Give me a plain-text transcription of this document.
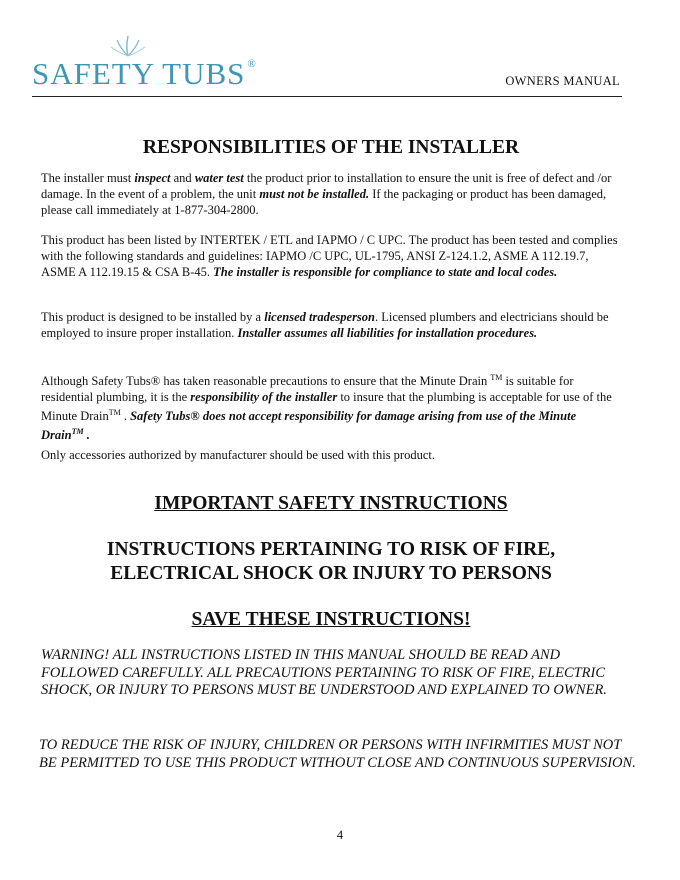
SAFETY TUBS ®
OWNERS MANUAL
RESPONSIBILITIES OF THE INSTALLER
The installer must inspect and water test the product prior to installation to ensure the unit is free of defect and /or damage. In the event of a problem, the unit must not be installed. If the packaging or product has been damaged, please call immediately at 1-877-304-2800.
This product has been listed by INTERTEK / ETL and IAPMO / C UPC. The product has been tested and complies with the following standards and guidelines: IAPMO /C UPC, UL-1795, ANSI Z-124.1.2, ASME A 112.19.7, ASME A 112.19.15 & CSA B-45. The installer is responsible for compliance to state and local codes.
This product is designed to be installed by a licensed tradesperson. Licensed plumbers and electricians should be employed to insure proper installation. Installer assumes all liabilities for installation procedures.
Although Safety Tubs® has taken reasonable precautions to ensure that the Minute Drain ™ is suitable for residential plumbing, it is the responsibility of the installer to insure that the plumbing is acceptable for use of the Minute Drain™ . Safety Tubs® does not accept responsibility for damage arising from use of the Minute Drain™ .
Only accessories authorized by manufacturer should be used with this product.
IMPORTANT SAFETY INSTRUCTIONS
INSTRUCTIONS PERTAINING TO RISK OF FIRE,
ELECTRICAL SHOCK OR INJURY TO PERSONS
SAVE THESE INSTRUCTIONS!
WARNING! ALL INSTRUCTIONS LISTED IN THIS MANUAL SHOULD BE READ AND FOLLOWED CAREFULLY. ALL PRECAUTIONS PERTAINING TO RISK OF FIRE, ELECTRIC SHOCK, OR INJURY TO PERSONS MUST BE UNDERSTOOD AND EXPLAINED TO OWNER.
TO REDUCE THE RISK OF INJURY, CHILDREN OR PERSONS WITH INFIRMITIES MUST NOT BE PERMITTED TO USE THIS PRODUCT WITHOUT CLOSE AND CONTINUOUS SUPERVISION.
4
